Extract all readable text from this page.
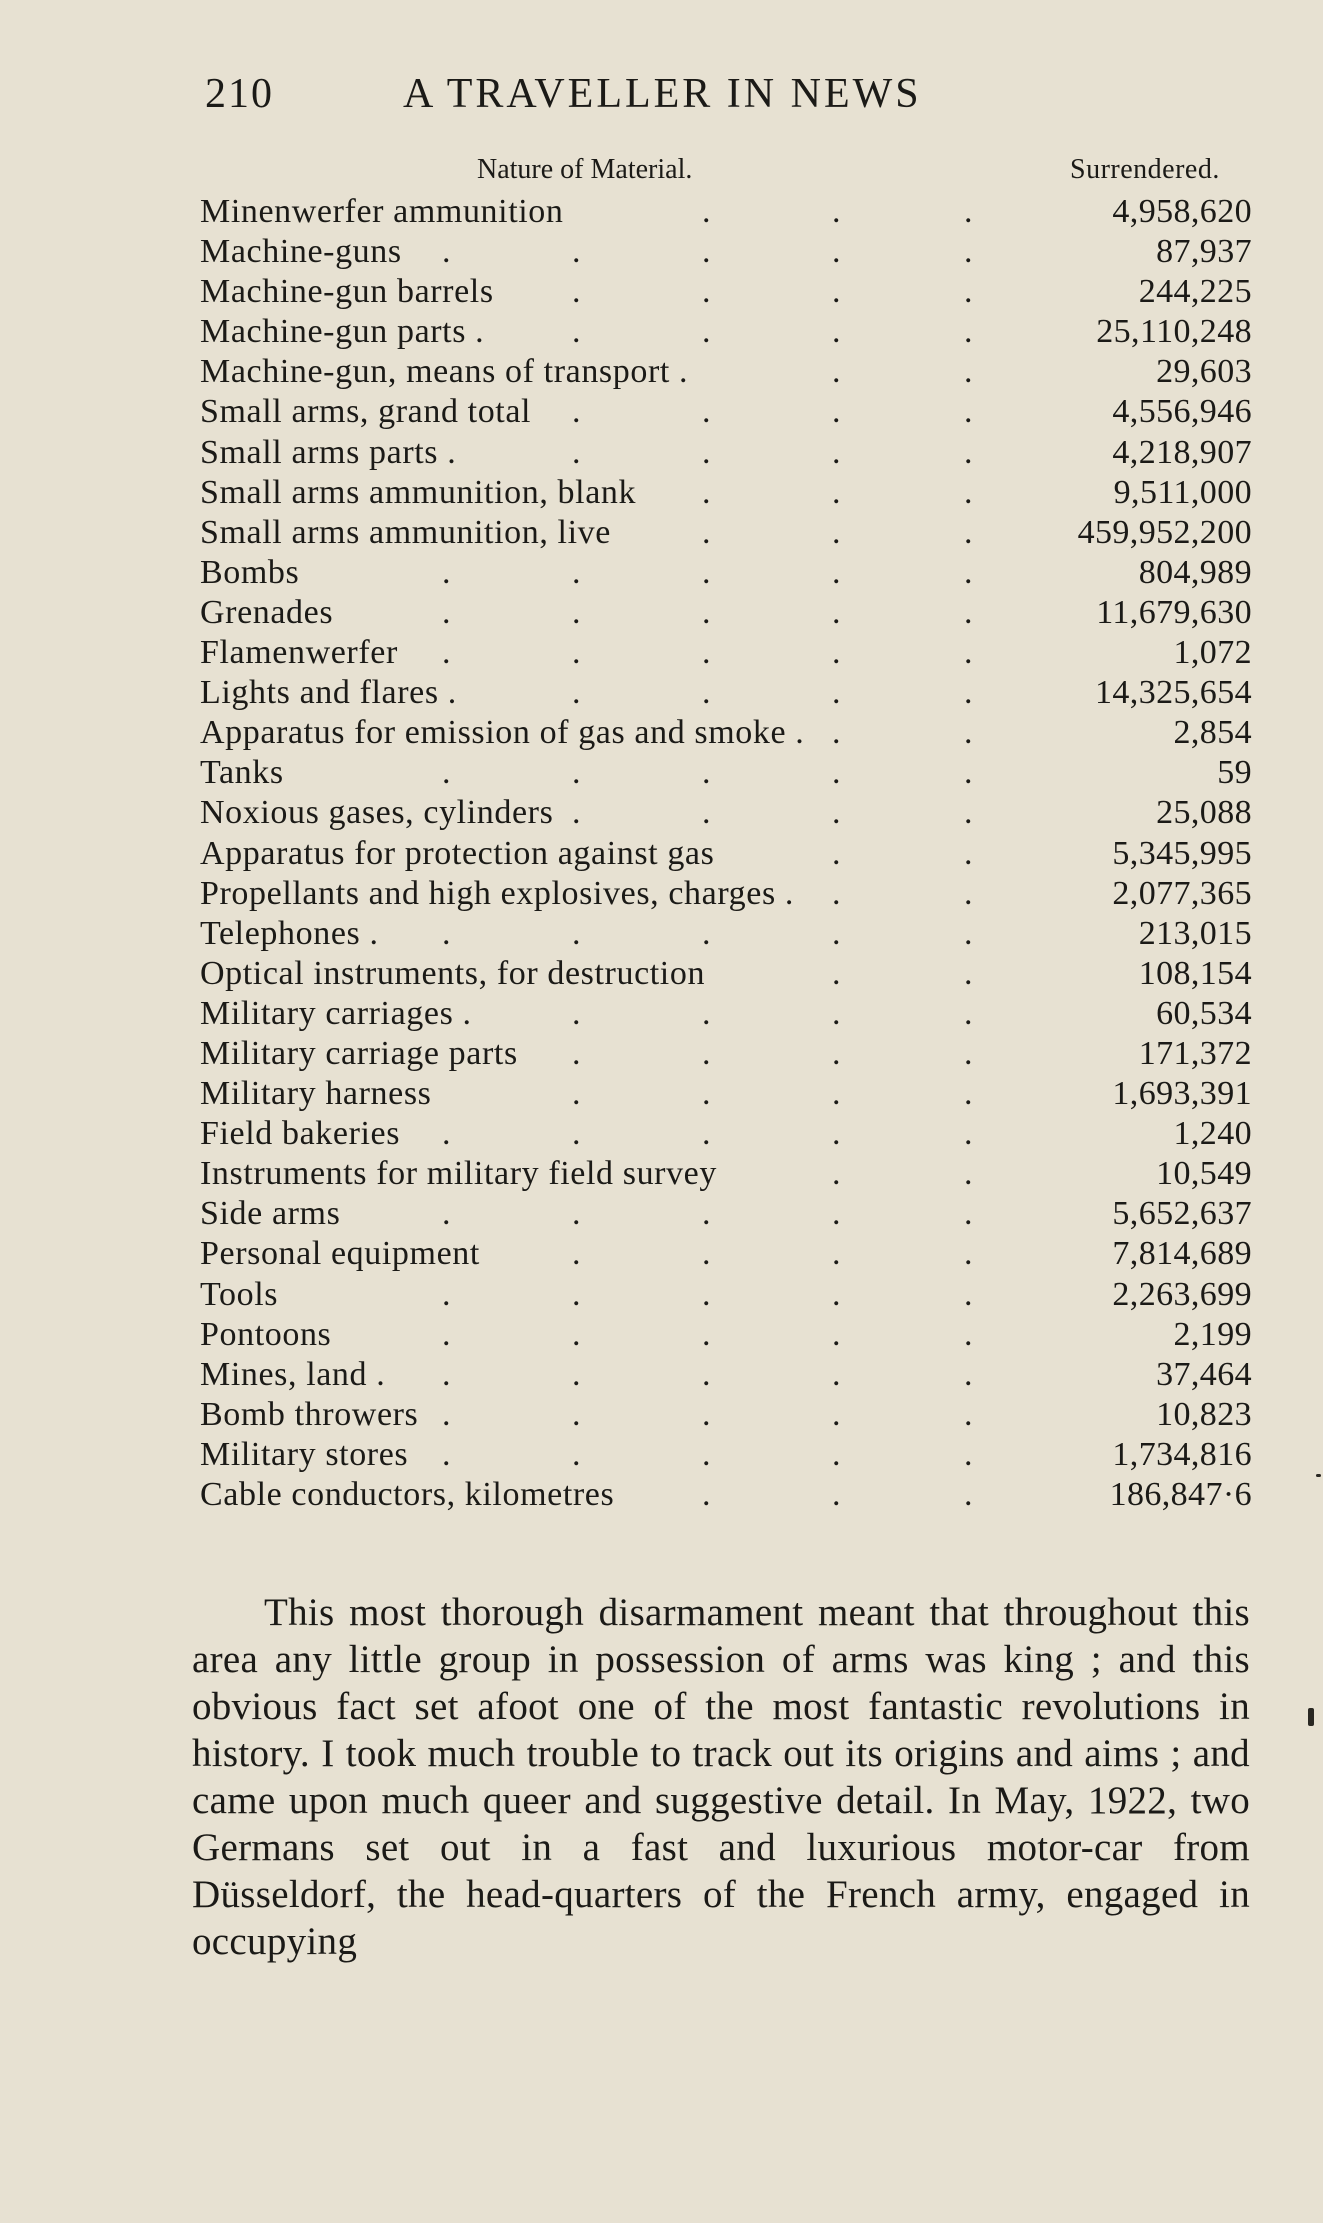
210	A TRAVELLER IN NEWS
Nature of Material.	Surrendered.
.	.	.
Minenwerfer ammunition	4,958,620
.	.	.	.	.
Machine-guns	87,937
.	.	.	.
Machine-gun barrels	244,225
.	.	.	.
Machine-gun parts .	25,110,248
.	.
Machine-gun, means of transport .	29,603
.	.	.	.
Small arms, grand total	4,556,946
.	.	.	.
Small arms parts .	4,218,907
.	.	.
Small arms ammunition, blank	9,511,000
.	.	.
Small arms ammunition, live	459,952,200
.	.	.	.	.
Bombs	804,989
.	.	.	.	.
Grenades	11,679,630
.	.	.	.	.
Flamenwerfer	1,072
.	.	.	.
Lights and flares .	14,325,654
.	.
Apparatus for emission of gas and smoke .	2,854
.	.	.	.	.
Tanks	59
.	.	.	.
Noxious gases, cylinders	25,088
.	.
Apparatus for protection against gas	5,345,995
.	.
Propellants and high explosives, charges .	2,077,365
.	.	.	.	.
Telephones .	213,015
.	.
Optical instruments, for destruction	108,154
.	.	.	.
Military carriages .	60,534
.	.	.	.
Military carriage parts	171,372
.	.	.	.
Military harness	1,693,391
.	.	.	.	.
Field bakeries	1,240
.	.
Instruments for military field survey	10,549
.	.	.	.	.
Side arms	5,652,637
.	.	.	.
Personal equipment	7,814,689
.	.	.	.	.
Tools	2,263,699
.	.	.	.	.
Pontoons	2,199
.	.	.	.	.
Mines, land .	37,464
.	.	.	.	.
Bomb throwers	10,823
.	.	.	.	.
Military stores	1,734,816
.	.	.
Cable conductors, kilometres	186,847·6

This most thorough disarmament meant that throughout this area any little group in possession of arms was king ; and this obvious fact set afoot one of the most fantastic revolutions in history. I took much trouble to track out its origins and aims ; and came upon much queer and suggestive detail. In May, 1922, two Germans set out in a fast and luxurious motor-car from Düsseldorf, the head-quarters of the French army, engaged in occupying
